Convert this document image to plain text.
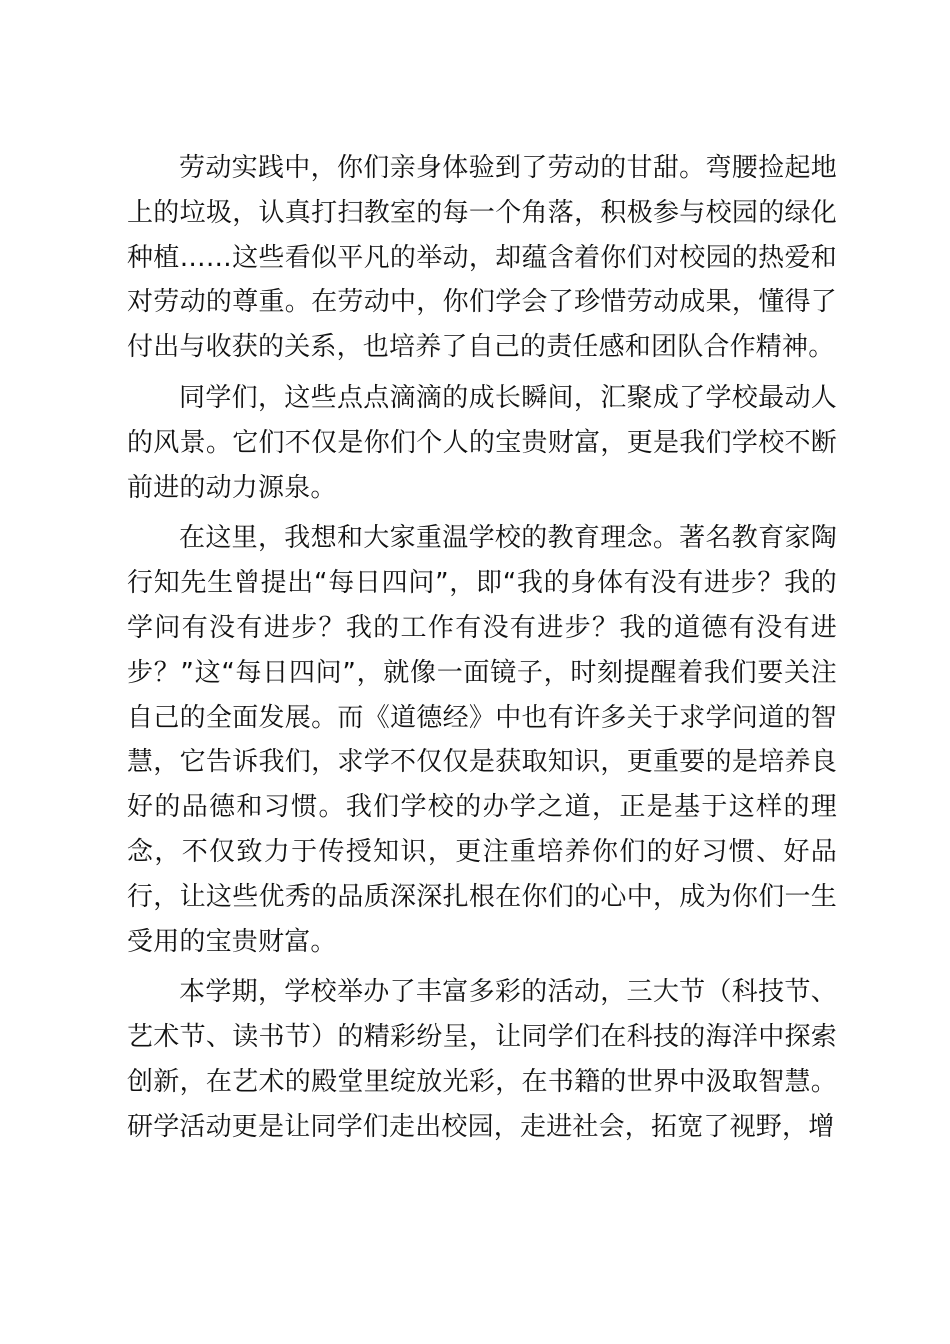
劳动实践中，你们亲身体验到了劳动的甘甜。弯腰捡起地上的垃圾，认真打扫教室的每一个角落，积极参与校园的绿化种植……这些看似平凡的举动，却蕴含着你们对校园的热爱和对劳动的尊重。在劳动中，你们学会了珍惜劳动成果，懂得了付出与收获的关系，也培养了自己的责任感和团队合作精神。

同学们，这些点点滴滴的成长瞬间，汇聚成了学校最动人的风景。它们不仅是你们个人的宝贵财富，更是我们学校不断前进的动力源泉。

在这里，我想和大家重温学校的教育理念。著名教育家陶行知先生曾提出“每日四问”，即“我的身体有没有进步？我的学问有没有进步？我的工作有没有进步？我的道德有没有进步？”这“每日四问”，就像一面镜子，时刻提醒着我们要关注自己的全面发展。而《道德经》中也有许多关于求学问道的智慧，它告诉我们，求学不仅仅是获取知识，更重要的是培养良好的品德和习惯。我们学校的办学之道，正是基于这样的理念，不仅致力于传授知识，更注重培养你们的好习惯、好品行，让这些优秀的品质深深扎根在你们的心中，成为你们一生受用的宝贵财富。

本学期，学校举办了丰富多彩的活动，三大节（科技节、艺术节、读书节）的精彩纷呈，让同学们在科技的海洋中探索创新，在艺术的殿堂里绽放光彩，在书籍的世界中汲取智慧。研学活动更是让同学们走出校园，走进社会，拓宽了视野，增
